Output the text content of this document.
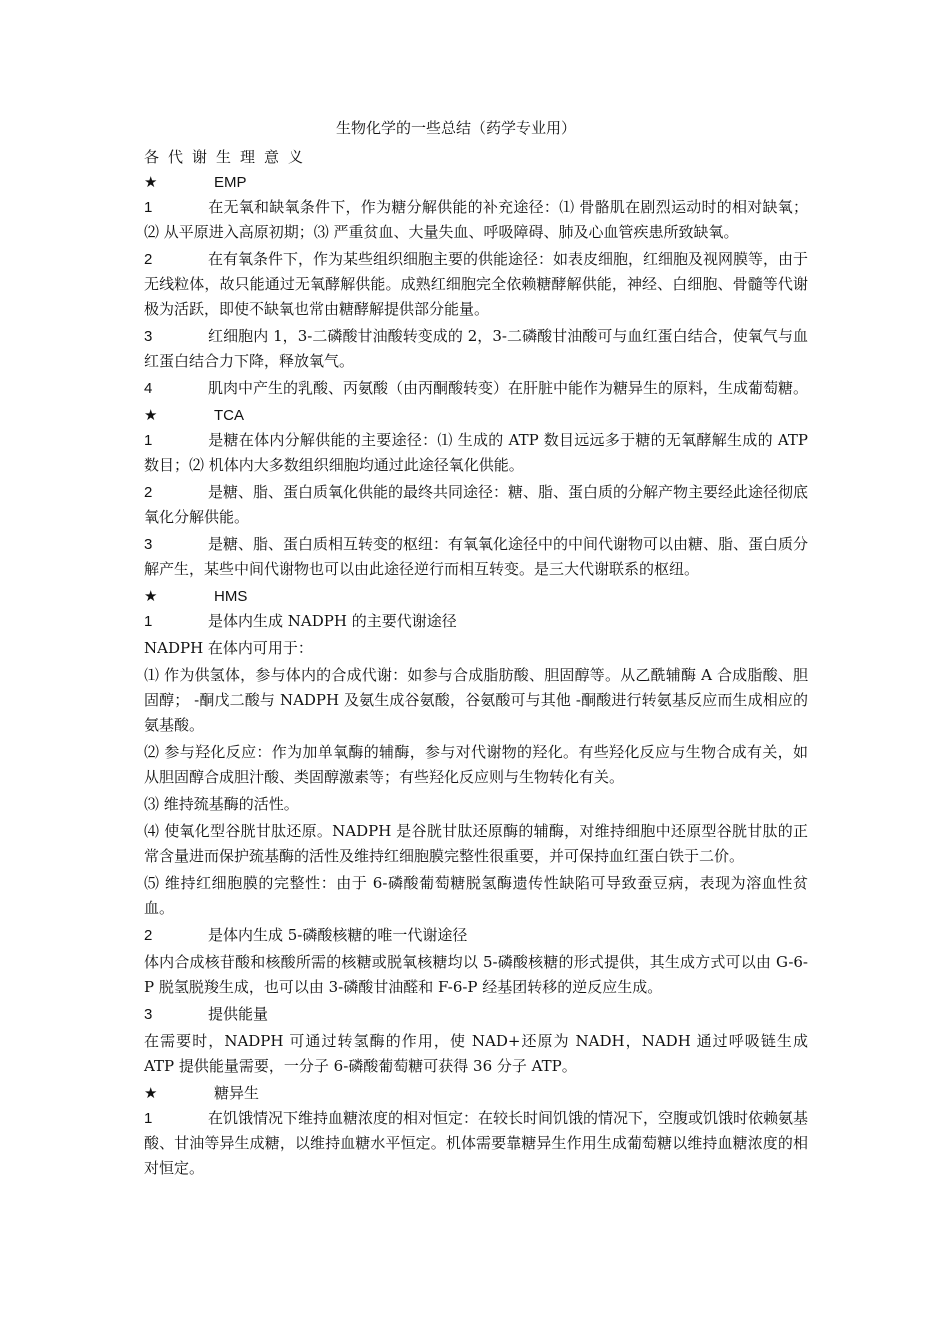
生物化学的一些总结（药学专业用）
各代谢生理意义
★	EMP

1	在无氧和缺氧条件下，作为糖分解供能的补充途径：⑴ 骨骼肌在剧烈运动时的相对缺氧；⑵ 从平原进入高原初期；⑶ 严重贫血、大量失血、呼吸障碍、肺及心血管疾患所致缺氧。

2	在有氧条件下，作为某些组织细胞主要的供能途径：如表皮细胞，红细胞及视网膜等，由于无线粒体，故只能通过无氧酵解供能。成熟红细胞完全依赖糖酵解供能，神经、白细胞、骨髓等代谢极为活跃，即使不缺氧也常由糖酵解提供部分能量。

3	红细胞内 1，3-二磷酸甘油酸转变成的 2，3-二磷酸甘油酸可与血红蛋白结合，使氧气与血红蛋白结合力下降，释放氧气。

4	肌肉中产生的乳酸、丙氨酸（由丙酮酸转变）在肝脏中能作为糖异生的原料，生成葡萄糖。

★	TCA

1	是糖在体内分解供能的主要途径：⑴ 生成的 ATP 数目远远多于糖的无氧酵解生成的 ATP 数目；⑵ 机体内大多数组织细胞均通过此途径氧化供能。

2	是糖、脂、蛋白质氧化供能的最终共同途径：糖、脂、蛋白质的分解产物主要经此途径彻底氧化分解供能。

3	是糖、脂、蛋白质相互转变的枢纽：有氧氧化途径中的中间代谢物可以由糖、脂、蛋白质分解产生，某些中间代谢物也可以由此途径逆行而相互转变。是三大代谢联系的枢纽。

★	HMS

1	是体内生成 NADPH 的主要代谢途径

NADPH 在体内可用于：

⑴ 作为供氢体，参与体内的合成代谢：如参与合成脂肪酸、胆固醇等。从乙酰辅酶 A 合成脂酸、胆固醇； -酮戊二酸与 NADPH 及氨生成谷氨酸，谷氨酸可与其他 -酮酸进行转氨基反应而生成相应的氨基酸。

⑵ 参与羟化反应：作为加单氧酶的辅酶，参与对代谢物的羟化。有些羟化反应与生物合成有关，如从胆固醇合成胆汁酸、类固醇激素等；有些羟化反应则与生物转化有关。

⑶ 维持巯基酶的活性。

⑷ 使氧化型谷胱甘肽还原。NADPH 是谷胱甘肽还原酶的辅酶，对维持细胞中还原型谷胱甘肽的正常含量进而保护巯基酶的活性及维持红细胞膜完整性很重要，并可保持血红蛋白铁于二价。

⑸ 维持红细胞膜的完整性：由于 6-磷酸葡萄糖脱氢酶遗传性缺陷可导致蚕豆病，表现为溶血性贫血。

2	是体内生成 5-磷酸核糖的唯一代谢途径

体内合成核苷酸和核酸所需的核糖或脱氧核糖均以 5-磷酸核糖的形式提供，其生成方式可以由 G-6-P 脱氢脱羧生成，也可以由 3-磷酸甘油醛和 F-6-P 经基团转移的逆反应生成。

3	提供能量

在需要时，NADPH 可通过转氢酶的作用，使 NAD+还原为 NADH，NADH 通过呼吸链生成 ATP 提供能量需要，一分子 6-磷酸葡萄糖可获得 36 分子 ATP。

★	糖异生

1	在饥饿情况下维持血糖浓度的相对恒定：在较长时间饥饿的情况下，空腹或饥饿时依赖氨基酸、甘油等异生成糖，以维持血糖水平恒定。机体需要靠糖异生作用生成葡萄糖以维持血糖浓度的相对恒定。
